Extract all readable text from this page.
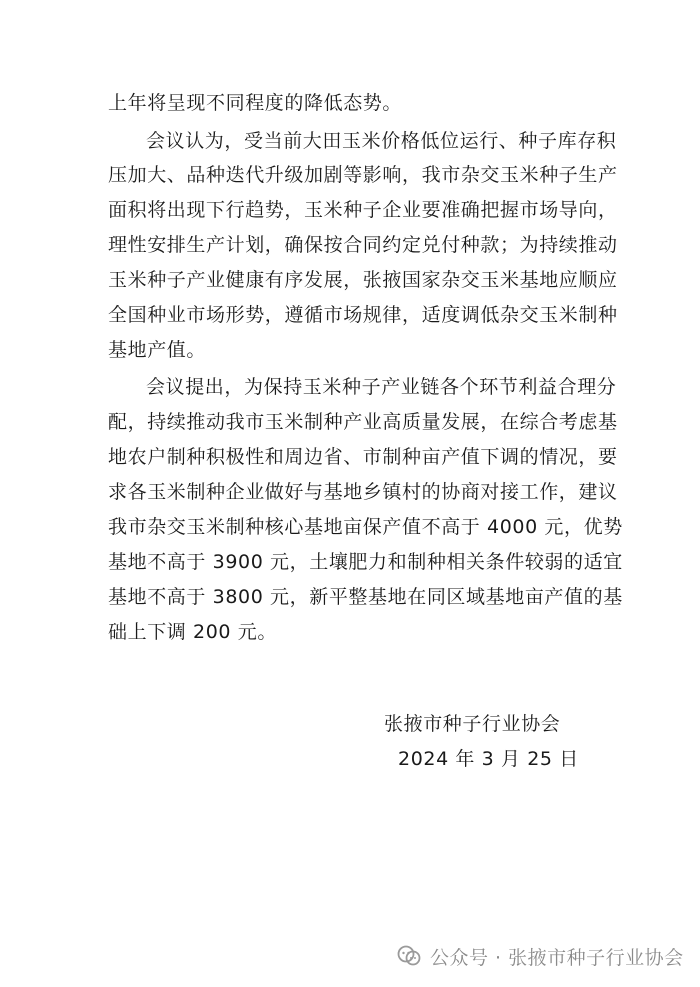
上年将呈现不同程度的降低态势。
会议认为，受当前大田玉米价格低位运行、种子库存积
压加大、品种迭代升级加剧等影响，我市杂交玉米种子生产
面积将出现下行趋势，玉米种子企业要准确把握市场导向，
理性安排生产计划，确保按合同约定兑付种款；为持续推动
玉米种子产业健康有序发展，张掖国家杂交玉米基地应顺应
全国种业市场形势，遵循市场规律，适度调低杂交玉米制种
基地产值。
会议提出，为保持玉米种子产业链各个环节利益合理分
配，持续推动我市玉米制种产业高质量发展，在综合考虑基
地农户制种积极性和周边省、市制种亩产值下调的情况，要
求各玉米制种企业做好与基地乡镇村的协商对接工作，建议
我市杂交玉米制种核心基地亩保产值不高于 4000 元，优势
基地不高于 3900 元，土壤肥力和制种相关条件较弱的适宜
基地不高于 3800 元，新平整基地在同区域基地亩产值的基
础上下调 200 元。
张掖市种子行业协会
2024 年 3 月 25 日
公众号 · 张掖市种子行业协会
